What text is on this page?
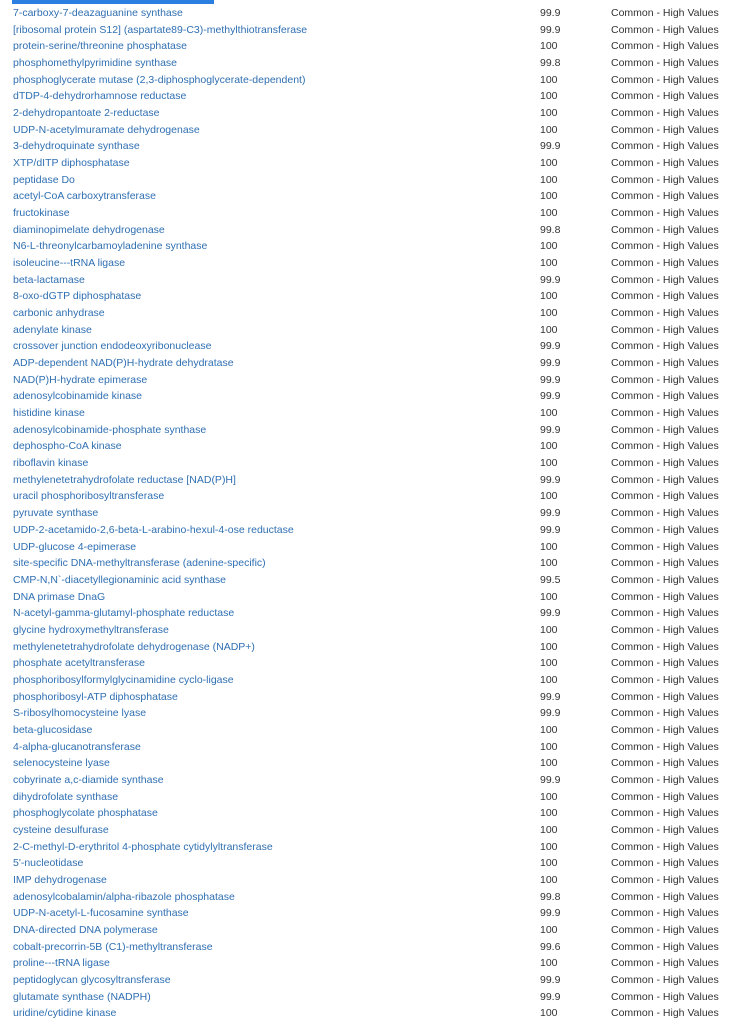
7-carboxy-7-deazaguanine synthase	99.9	Common - High Values
[ribosomal protein S12] (aspartate89-C3)-methylthiotransferase	99.9	Common - High Values
protein-serine/threonine phosphatase	100	Common - High Values
phosphomethylpyrimidine synthase	99.8	Common - High Values
phosphoglycerate mutase (2,3-diphosphoglycerate-dependent)	100	Common - High Values
dTDP-4-dehydrorhamnose reductase	100	Common - High Values
2-dehydropantoate 2-reductase	100	Common - High Values
UDP-N-acetylmuramate dehydrogenase	100	Common - High Values
3-dehydroquinate synthase	99.9	Common - High Values
XTP/dITP diphosphatase	100	Common - High Values
peptidase Do	100	Common - High Values
acetyl-CoA carboxytransferase	100	Common - High Values
fructokinase	100	Common - High Values
diaminopimelate dehydrogenase	99.8	Common - High Values
N6-L-threonylcarbamoyladenine synthase	100	Common - High Values
isoleucine---tRNA ligase	100	Common - High Values
beta-lactamase	99.9	Common - High Values
8-oxo-dGTP diphosphatase	100	Common - High Values
carbonic anhydrase	100	Common - High Values
adenylate kinase	100	Common - High Values
crossover junction endodeoxyribonuclease	99.9	Common - High Values
ADP-dependent NAD(P)H-hydrate dehydratase	99.9	Common - High Values
NAD(P)H-hydrate epimerase	99.9	Common - High Values
adenosylcobinamide kinase	99.9	Common - High Values
histidine kinase	100	Common - High Values
adenosylcobinamide-phosphate synthase	99.9	Common - High Values
dephospho-CoA kinase	100	Common - High Values
riboflavin kinase	100	Common - High Values
methylenetetrahydrofolate reductase [NAD(P)H]	99.9	Common - High Values
uracil phosphoribosyltransferase	100	Common - High Values
pyruvate synthase	99.9	Common - High Values
UDP-2-acetamido-2,6-beta-L-arabino-hexul-4-ose reductase	99.9	Common - High Values
UDP-glucose 4-epimerase	100	Common - High Values
site-specific DNA-methyltransferase (adenine-specific)	100	Common - High Values
CMP-N,N`-diacetyllegionaminic acid synthase	99.5	Common - High Values
DNA primase DnaG	100	Common - High Values
N-acetyl-gamma-glutamyl-phosphate reductase	99.9	Common - High Values
glycine hydroxymethyltransferase	100	Common - High Values
methylenetetrahydrofolate dehydrogenase (NADP+)	100	Common - High Values
phosphate acetyltransferase	100	Common - High Values
phosphoribosylformylglycinamidine cyclo-ligase	100	Common - High Values
phosphoribosyl-ATP diphosphatase	99.9	Common - High Values
S-ribosylhomocysteine lyase	99.9	Common - High Values
beta-glucosidase	100	Common - High Values
4-alpha-glucanotransferase	100	Common - High Values
selenocysteine lyase	100	Common - High Values
cobyrinate a,c-diamide synthase	99.9	Common - High Values
dihydrofolate synthase	100	Common - High Values
phosphoglycolate phosphatase	100	Common - High Values
cysteine desulfurase	100	Common - High Values
2-C-methyl-D-erythritol 4-phosphate cytidylyltransferase	100	Common - High Values
5'-nucleotidase	100	Common - High Values
IMP dehydrogenase	100	Common - High Values
adenosylcobalamin/alpha-ribazole phosphatase	99.8	Common - High Values
UDP-N-acetyl-L-fucosamine synthase	99.9	Common - High Values
DNA-directed DNA polymerase	100	Common - High Values
cobalt-precorrin-5B (C1)-methyltransferase	99.6	Common - High Values
proline---tRNA ligase	100	Common - High Values
peptidoglycan glycosyltransferase	99.9	Common - High Values
glutamate synthase (NADPH)	99.9	Common - High Values
uridine/cytidine kinase	100	Common - High Values
